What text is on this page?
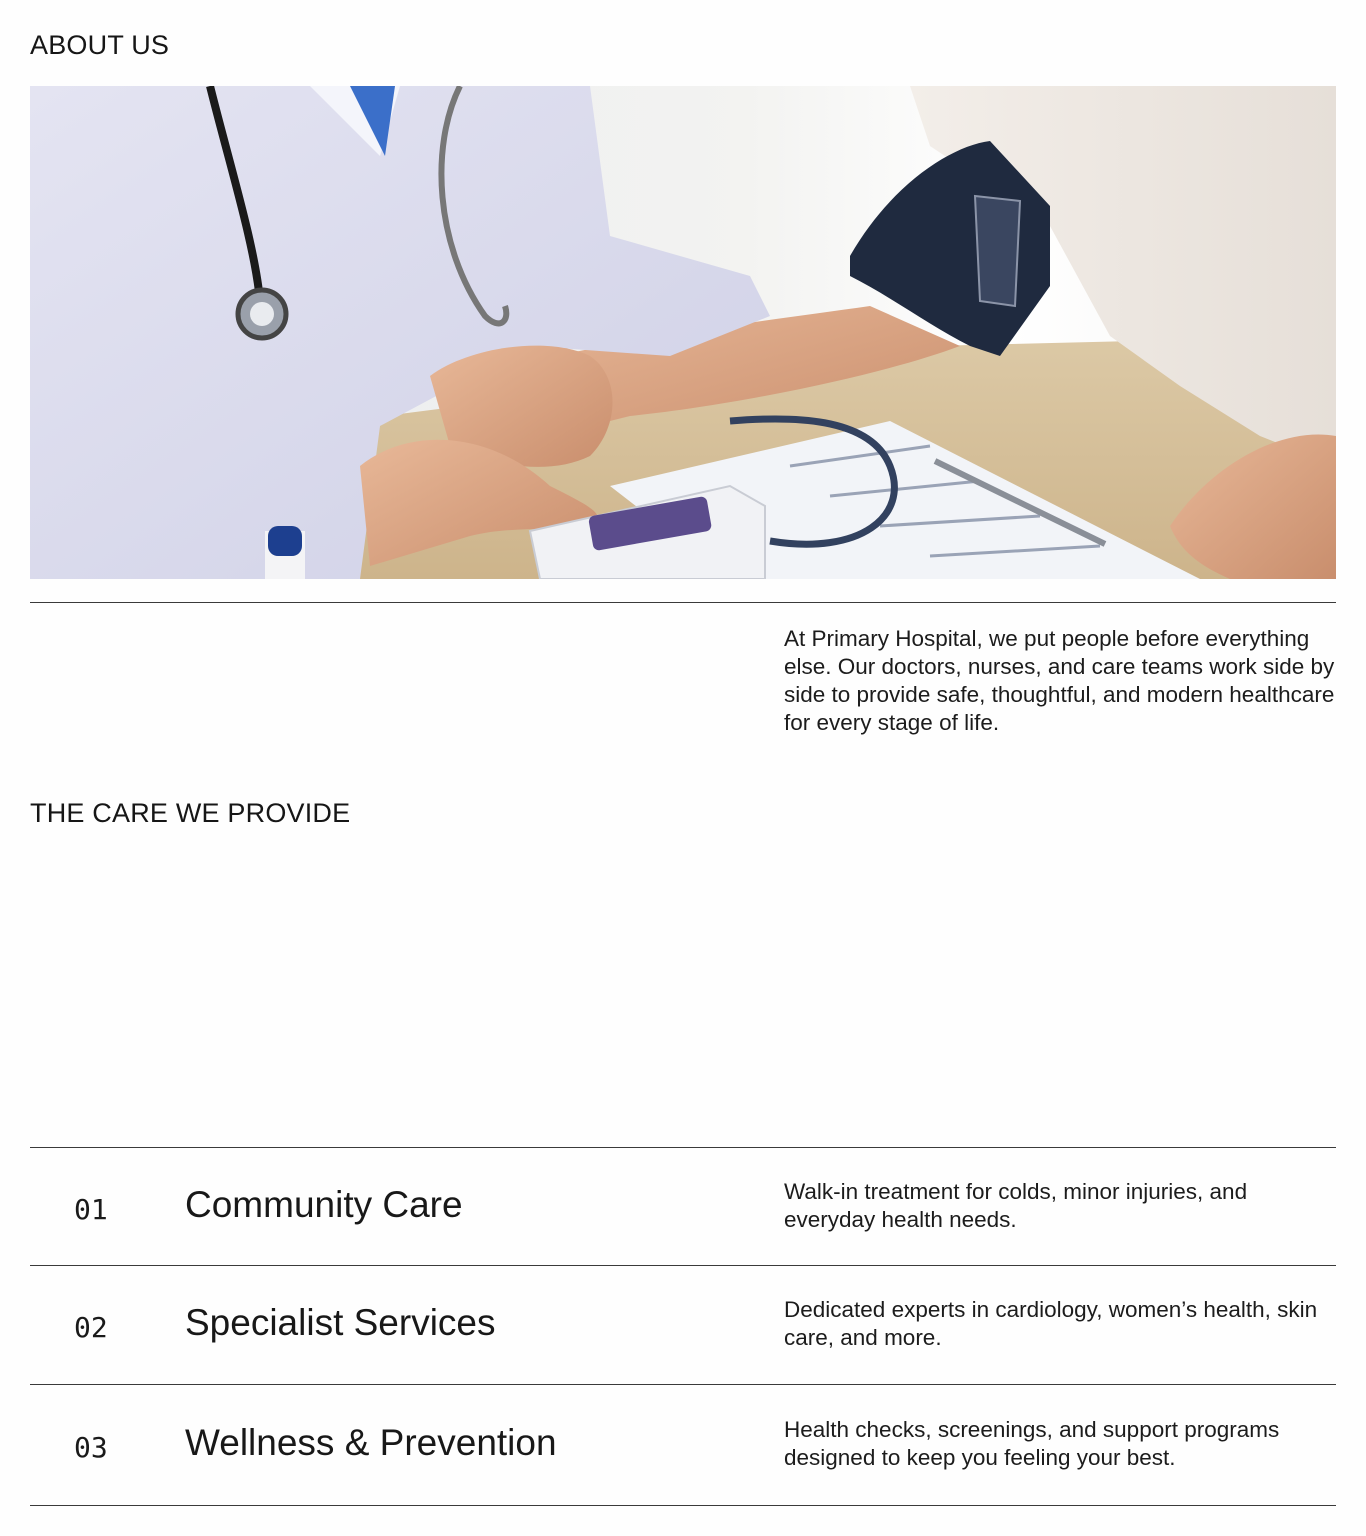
ABOUT US

At Primary Hospital, we put people before everything else. Our doctors, nurses, and care teams work side by side to provide safe, thoughtful, and modern healthcare for every stage of life.

THE CARE WE PROVIDE
01 Community Care	Walk-in treatment for colds, minor injuries, and everyday health needs.

02 Specialist Services	Dedicated experts in cardiology, women’s health, skin care, and more.

03 Wellness & Prevention	Health checks, screenings, and support programs designed to keep you feeling your best.
